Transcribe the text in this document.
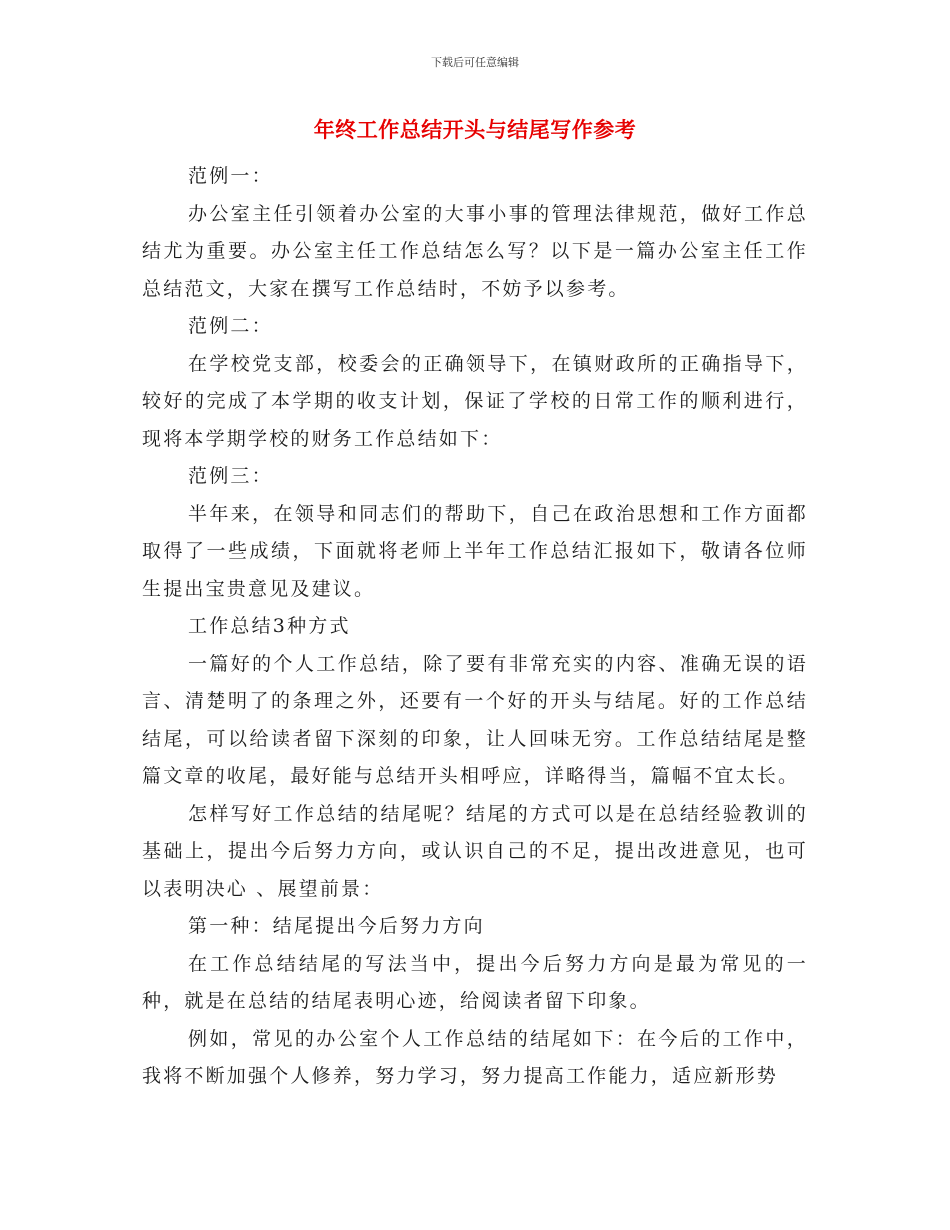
下载后可任意编辑
年终工作总结开头与结尾写作参考

范例一：

办公室主任引领着办公室的大事小事的管理法律规范，做好工作总结尤为重要。办公室主任工作总结怎么写？以下是一篇办公室主任工作总结范文，大家在撰写工作总结时，不妨予以参考。

范例二：

在学校党支部，校委会的正确领导下，在镇财政所的正确指导下，较好的完成了本学期的收支计划，保证了学校的日常工作的顺利进行，现将本学期学校的财务工作总结如下：

范例三：

半年来，在领导和同志们的帮助下，自己在政治思想和工作方面都取得了一些成绩，下面就将老师上半年工作总结汇报如下，敬请各位师生提出宝贵意见及建议。

工作总结3种方式

一篇好的个人工作总结，除了要有非常充实的内容、准确无误的语言、清楚明了的条理之外，还要有一个好的开头与结尾。好的工作总结结尾，可以给读者留下深刻的印象，让人回味无穷。工作总结结尾是整篇文章的收尾，最好能与总结开头相呼应，详略得当，篇幅不宜太长。

怎样写好工作总结的结尾呢？结尾的方式可以是在总结经验教训的基础上，提出今后努力方向，或认识自己的不足，提出改进意见，也可以表明决心 、展望前景：

第一种：结尾提出今后努力方向

在工作总结结尾的写法当中，提出今后努力方向是最为常见的一种，就是在总结的结尾表明心迹，给阅读者留下印象。

例如，常见的办公室个人工作总结的结尾如下：在今后的工作中，我将不断加强个人修养，努力学习，努力提高工作能力，适应新形势
